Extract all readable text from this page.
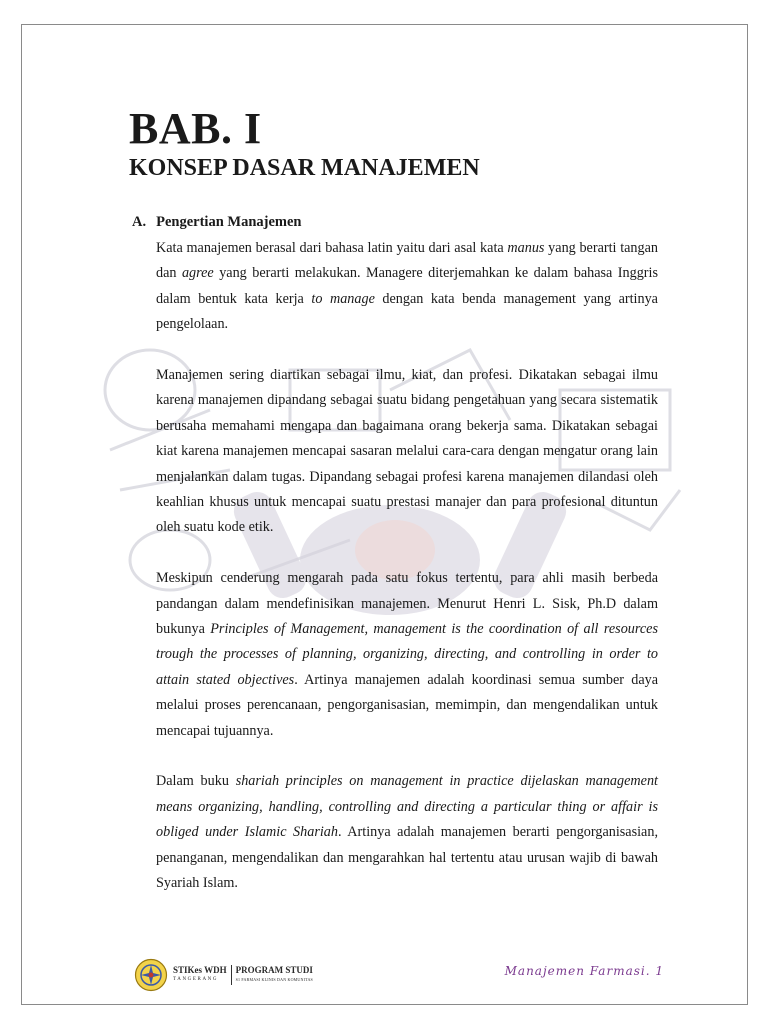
BAB. I
KONSEP DASAR MANAJEMEN
A. Pengertian Manajemen

Kata manajemen berasal dari bahasa latin yaitu dari asal kata manus yang berarti tangan dan agree yang berarti melakukan. Managere diterjemahkan ke dalam bahasa Inggris dalam bentuk kata kerja to manage dengan kata benda management yang artinya pengelolaan.

Manajemen sering diartikan sebagai ilmu, kiat, dan profesi. Dikatakan sebagai ilmu karena manajemen dipandang sebagai suatu bidang pengetahuan yang secara sistematik berusaha memahami mengapa dan bagaimana orang bekerja sama. Dikatakan sebagai kiat karena manajemen mencapai sasaran melalui cara-cara dengan mengatur orang lain menjalankan dalam tugas. Dipandang sebagai profesi karena manajemen dilandasi oleh keahlian khusus untuk mencapai suatu prestasi manajer dan para profesional dituntun oleh suatu kode etik.

Meskipun cenderung mengarah pada satu fokus tertentu, para ahli masih berbeda pandangan dalam mendefinisikan manajemen. Menurut Henri L. Sisk, Ph.D dalam bukunya Principles of Management, management is the coordination of all resources trough the processes of planning, organizing, directing, and controlling in order to attain stated objectives. Artinya manajemen adalah koordinasi semua sumber daya melalui proses perencanaan, pengorganisasian, memimpin, dan mengendalikan untuk mencapai tujuannya.

Dalam buku shariah principles on management in practice dijelaskan management means organizing, handling, controlling and directing a particular thing or affair is obliged under Islamic Shariah. Artinya adalah manajemen berarti pengorganisasian, penanganan, mengendalikan dan mengarahkan hal tertentu atau urusan wajib di bawah Syariah Islam.

STIKes WDH
TANGERANG
PROGRAM STUDI
S1 FARMASI KLINIS DAN KOMUNITAS
Manajemen Farmasi. 1
